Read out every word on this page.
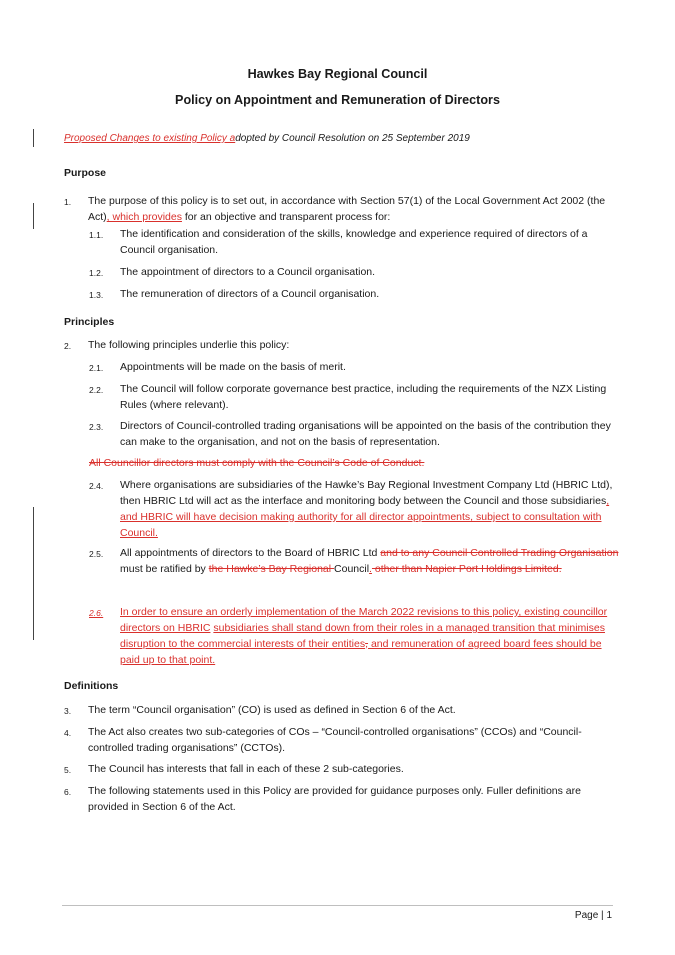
Hawkes Bay Regional Council
Policy on Appointment and Remuneration of Directors
Proposed Changes to existing Policy adopted by Council Resolution on 25 September 2019
Purpose
1. The purpose of this policy is to set out, in accordance with Section 57(1) of the Local Government Act 2002 (the Act), which provides for an objective and transparent process for:
1.1. The identification and consideration of the skills, knowledge and experience required of directors of a Council organisation.
1.2. The appointment of directors to a Council organisation.
1.3. The remuneration of directors of a Council organisation.
Principles
2. The following principles underlie this policy:
2.1. Appointments will be made on the basis of merit.
2.2. The Council will follow corporate governance best practice, including the requirements of the NZX Listing Rules (where relevant).
2.3. Directors of Council-controlled trading organisations will be appointed on the basis of the contribution they can make to the organisation, and not on the basis of representation.
All Councillor directors must comply with the Council’s Code of Conduct.
2.4. Where organisations are subsidiaries of the Hawke’s Bay Regional Investment Company Ltd (HBRIC Ltd), then HBRIC Ltd will act as the interface and monitoring body between the Council and those subsidiaries, and HBRIC will have decision making authority for all director appointments, subject to consultation with Council.
2.5. All appointments of directors to the Board of HBRIC Ltd and to any Council Controlled Trading Organisation must be ratified by the Hawke’s Bay Regional Council. other than Napier Port Holdings Limited.
2.6. In order to ensure an orderly implementation of the March 2022 revisions to this policy, existing councillor directors on HBRIC subsidiaries shall stand down from their roles in a managed transition that minimises disruption to the commercial interests of their entities, and remuneration of agreed board fees should be paid up to that point.
Definitions
3. The term “Council organisation” (CO) is used as defined in Section 6 of the Act.
4. The Act also creates two sub-categories of COs – “Council-controlled organisations” (CCOs) and “Council-controlled trading organisations” (CCTOs).
5. The Council has interests that fall in each of these 2 sub-categories.
6. The following statements used in this Policy are provided for guidance purposes only. Fuller definitions are provided in Section 6 of the Act.
Page | 1
